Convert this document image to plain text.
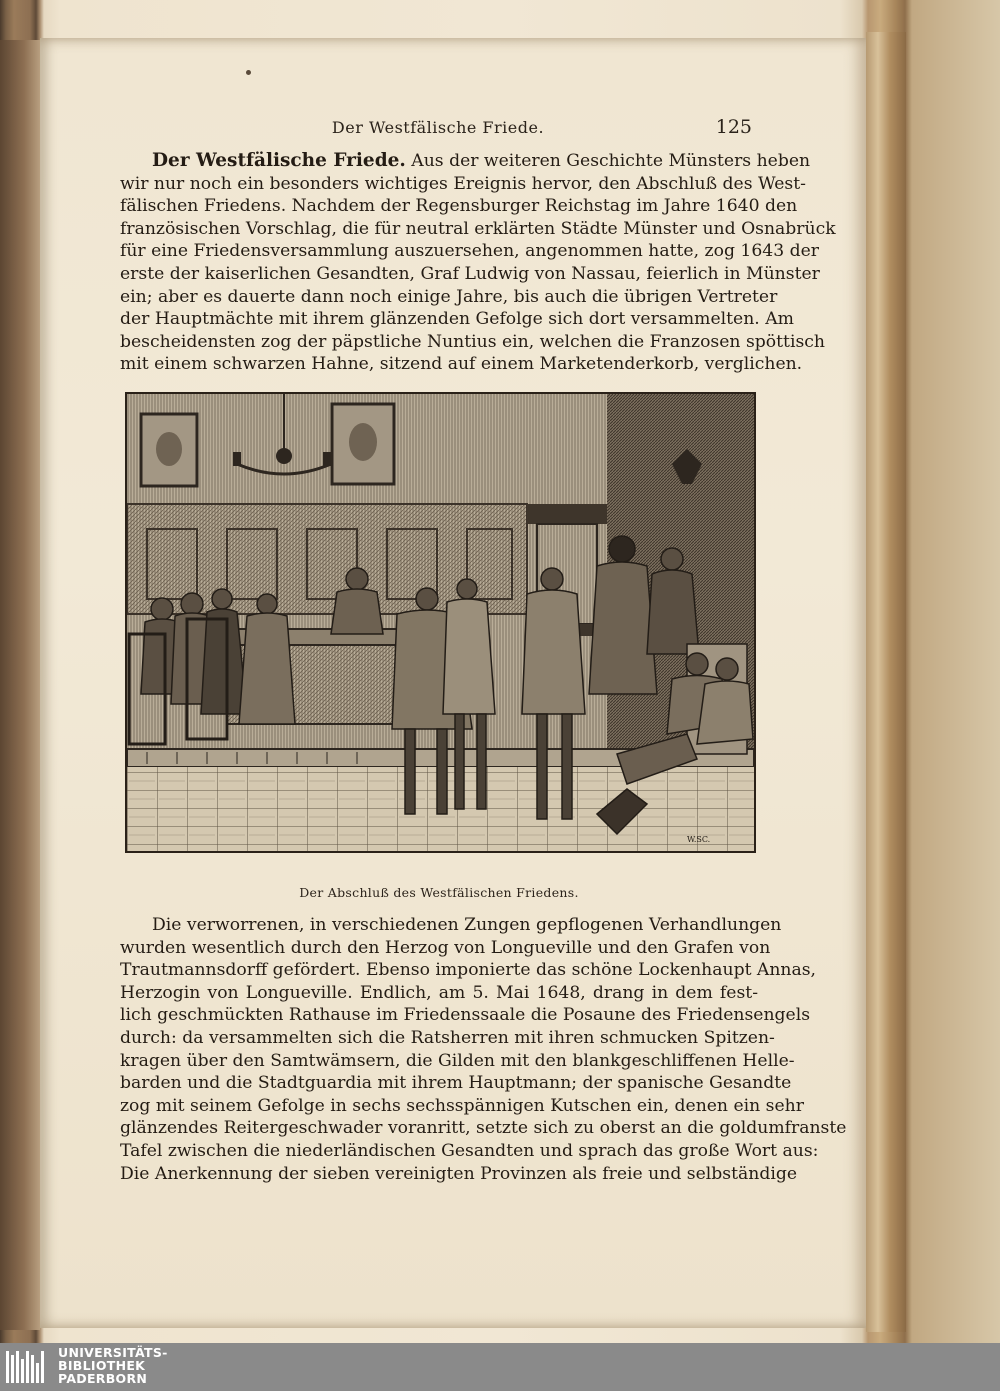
Der Westfälische Friede.	125
Der Westfälische Friede. Aus der weiteren Geschichte Münsters heben
wir nur noch ein besonders wichtiges Ereignis hervor, den Abschluß des West-
fälischen Friedens. Nachdem der Regensburger Reichstag im Jahre 1640 den
französischen Vorschlag, die für neutral erklärten Städte Münster und Osnabrück
für eine Friedensversammlung auszuersehen, angenommen hatte, zog 1643 der
erste der kaiserlichen Gesandten, Graf Ludwig von Nassau, feierlich in Münster
ein; aber es dauerte dann noch einige Jahre, bis auch die übrigen Vertreter
der Hauptmächte mit ihrem glänzenden Gefolge sich dort versammelten. Am
bescheidensten zog der päpstliche Nuntius ein, welchen die Franzosen spöttisch
mit einem schwarzen Hahne, sitzend auf einem Marketenderkorb, verglichen.
W.SC.
Der Abschluß des Westfälischen Friedens.
Die verworrenen, in verschiedenen Zungen gepflogenen Verhandlungen
wurden wesentlich durch den Herzog von Longueville und den Grafen von
Trautmannsdorff gefördert. Ebenso imponierte das schöne Lockenhaupt Annas,
Herzogin von Longueville. Endlich, am 5. Mai 1648, drang in dem fest-
lich geschmückten Rathause im Friedenssaale die Posaune des Friedensengels
durch: da versammelten sich die Ratsherren mit ihren schmucken Spitzen-
kragen über den Samtwämsern, die Gilden mit den blankgeschliffenen Helle-
barden und die Stadtguardia mit ihrem Hauptmann; der spanische Gesandte
zog mit seinem Gefolge in sechs sechsspännigen Kutschen ein, denen ein sehr
glänzendes Reitergeschwader voranritt, setzte sich zu oberst an die goldumfranste
Tafel zwischen die niederländischen Gesandten und sprach das große Wort aus:
Die Anerkennung der sieben vereinigten Provinzen als freie und selbständige
UNIVERSITÄTS-
BIBLIOTHEK
PADERBORN
